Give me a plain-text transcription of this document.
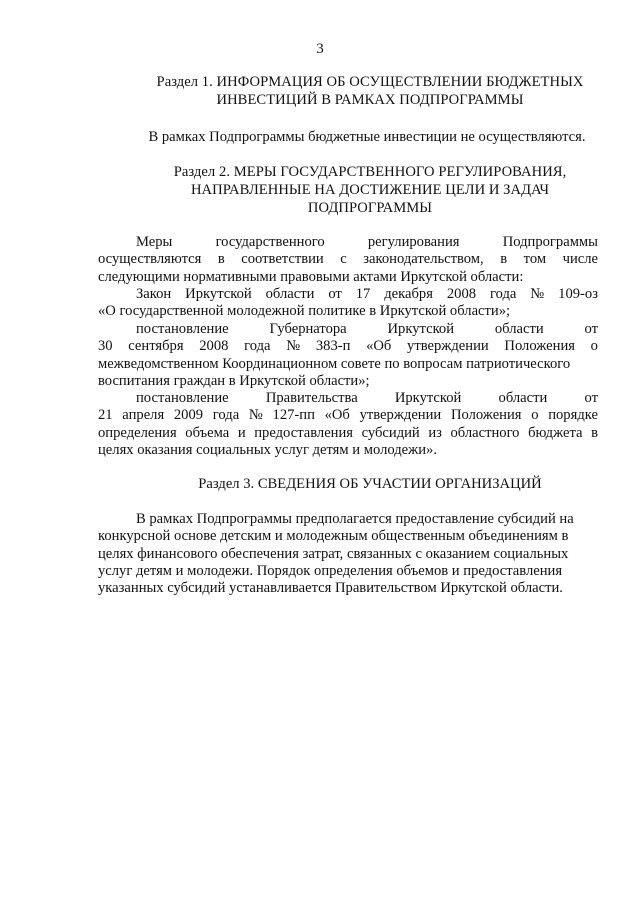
3
Раздел 1. ИНФОРМАЦИЯ ОБ ОСУЩЕСТВЛЕНИИ БЮДЖЕТНЫХ
ИНВЕСТИЦИЙ В РАМКАХ ПОДПРОГРАММЫ
В рамках Подпрограммы бюджетные инвестиции не осуществляются.
Раздел 2. МЕРЫ ГОСУДАРСТВЕННОГО РЕГУЛИРОВАНИЯ,
НАПРАВЛЕННЫЕ НА ДОСТИЖЕНИЕ ЦЕЛИ И ЗАДАЧ
ПОДПРОГРАММЫ
Меры	государственного	регулирования	Подпрограммы
осуществляются в соответствии с законодательством, в том числе
следующими нормативными правовыми актами Иркутской области:
Закон Иркутской области от 17 декабря 2008 года № 109-оз
«О государственной молодежной политике в Иркутской области»;
постановление	Губернатора	Иркутской	области	от
30 сентября 2008 года № 383-п «Об утверждении Положения о
межведомственном Координационном совете по вопросам патриотического
воспитания граждан в Иркутской области»;
постановление	Правительства	Иркутской	области	от
21 апреля 2009 года № 127-пп «Об утверждении Положения о порядке
определения объема и предоставления субсидий из областного бюджета в
целях оказания социальных услуг детям и молодежи».
Раздел 3. СВЕДЕНИЯ ОБ УЧАСТИИ ОРГАНИЗАЦИЙ
В рамках Подпрограммы предполагается предоставление субсидий на
конкурсной основе детским и молодежным общественным объединениям в
целях финансового обеспечения затрат, связанных с оказанием социальных
услуг детям и молодежи. Порядок определения объемов и предоставления
указанных субсидий устанавливается Правительством Иркутской области.
